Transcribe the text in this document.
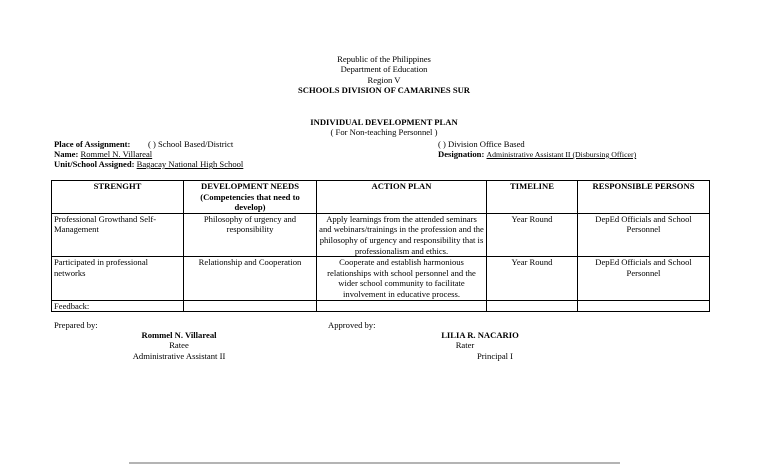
Republic of the Philippines
Department of Education
Region V
SCHOOLS DIVISION OF CAMARINES SUR
INDIVIDUAL DEVELOPMENT PLAN
( For Non-teaching Personnel )
Place of Assignment: ( ) School Based/District	( ) Division Office Based
Name: Rommel N. Villareal	Designation: Administrative Assistant II (Disbursing Officer)
Unit/School Assigned: Bagacay National High School
STRENGHT	DEVELOPMENT NEEDS (Competencies that need to develop)	ACTION PLAN	TIMELINE	RESPONSIBLE PERSONS
Professional Growthand Self-Management	Philosophy of urgency and responsibility	Apply learnings from the attended seminars and webinars/trainings in the profession and the philosophy of urgency and responsibility that is professionalism and ethics.	Year Round	DepEd Officials and School Personnel
Participated in professional networks	Relationship and Cooperation	Cooperate and establish harmonious relationships with school personnel and the wider school community to facilitate involvement in educative process.	Year Round	DepEd Officials and School Personnel
Feedback:				
Prepared by:
Rommel N. Villareal
Ratee
Administrative Assistant II
Approved by:
LILIA R. NACARIO
Rater
Principal I
